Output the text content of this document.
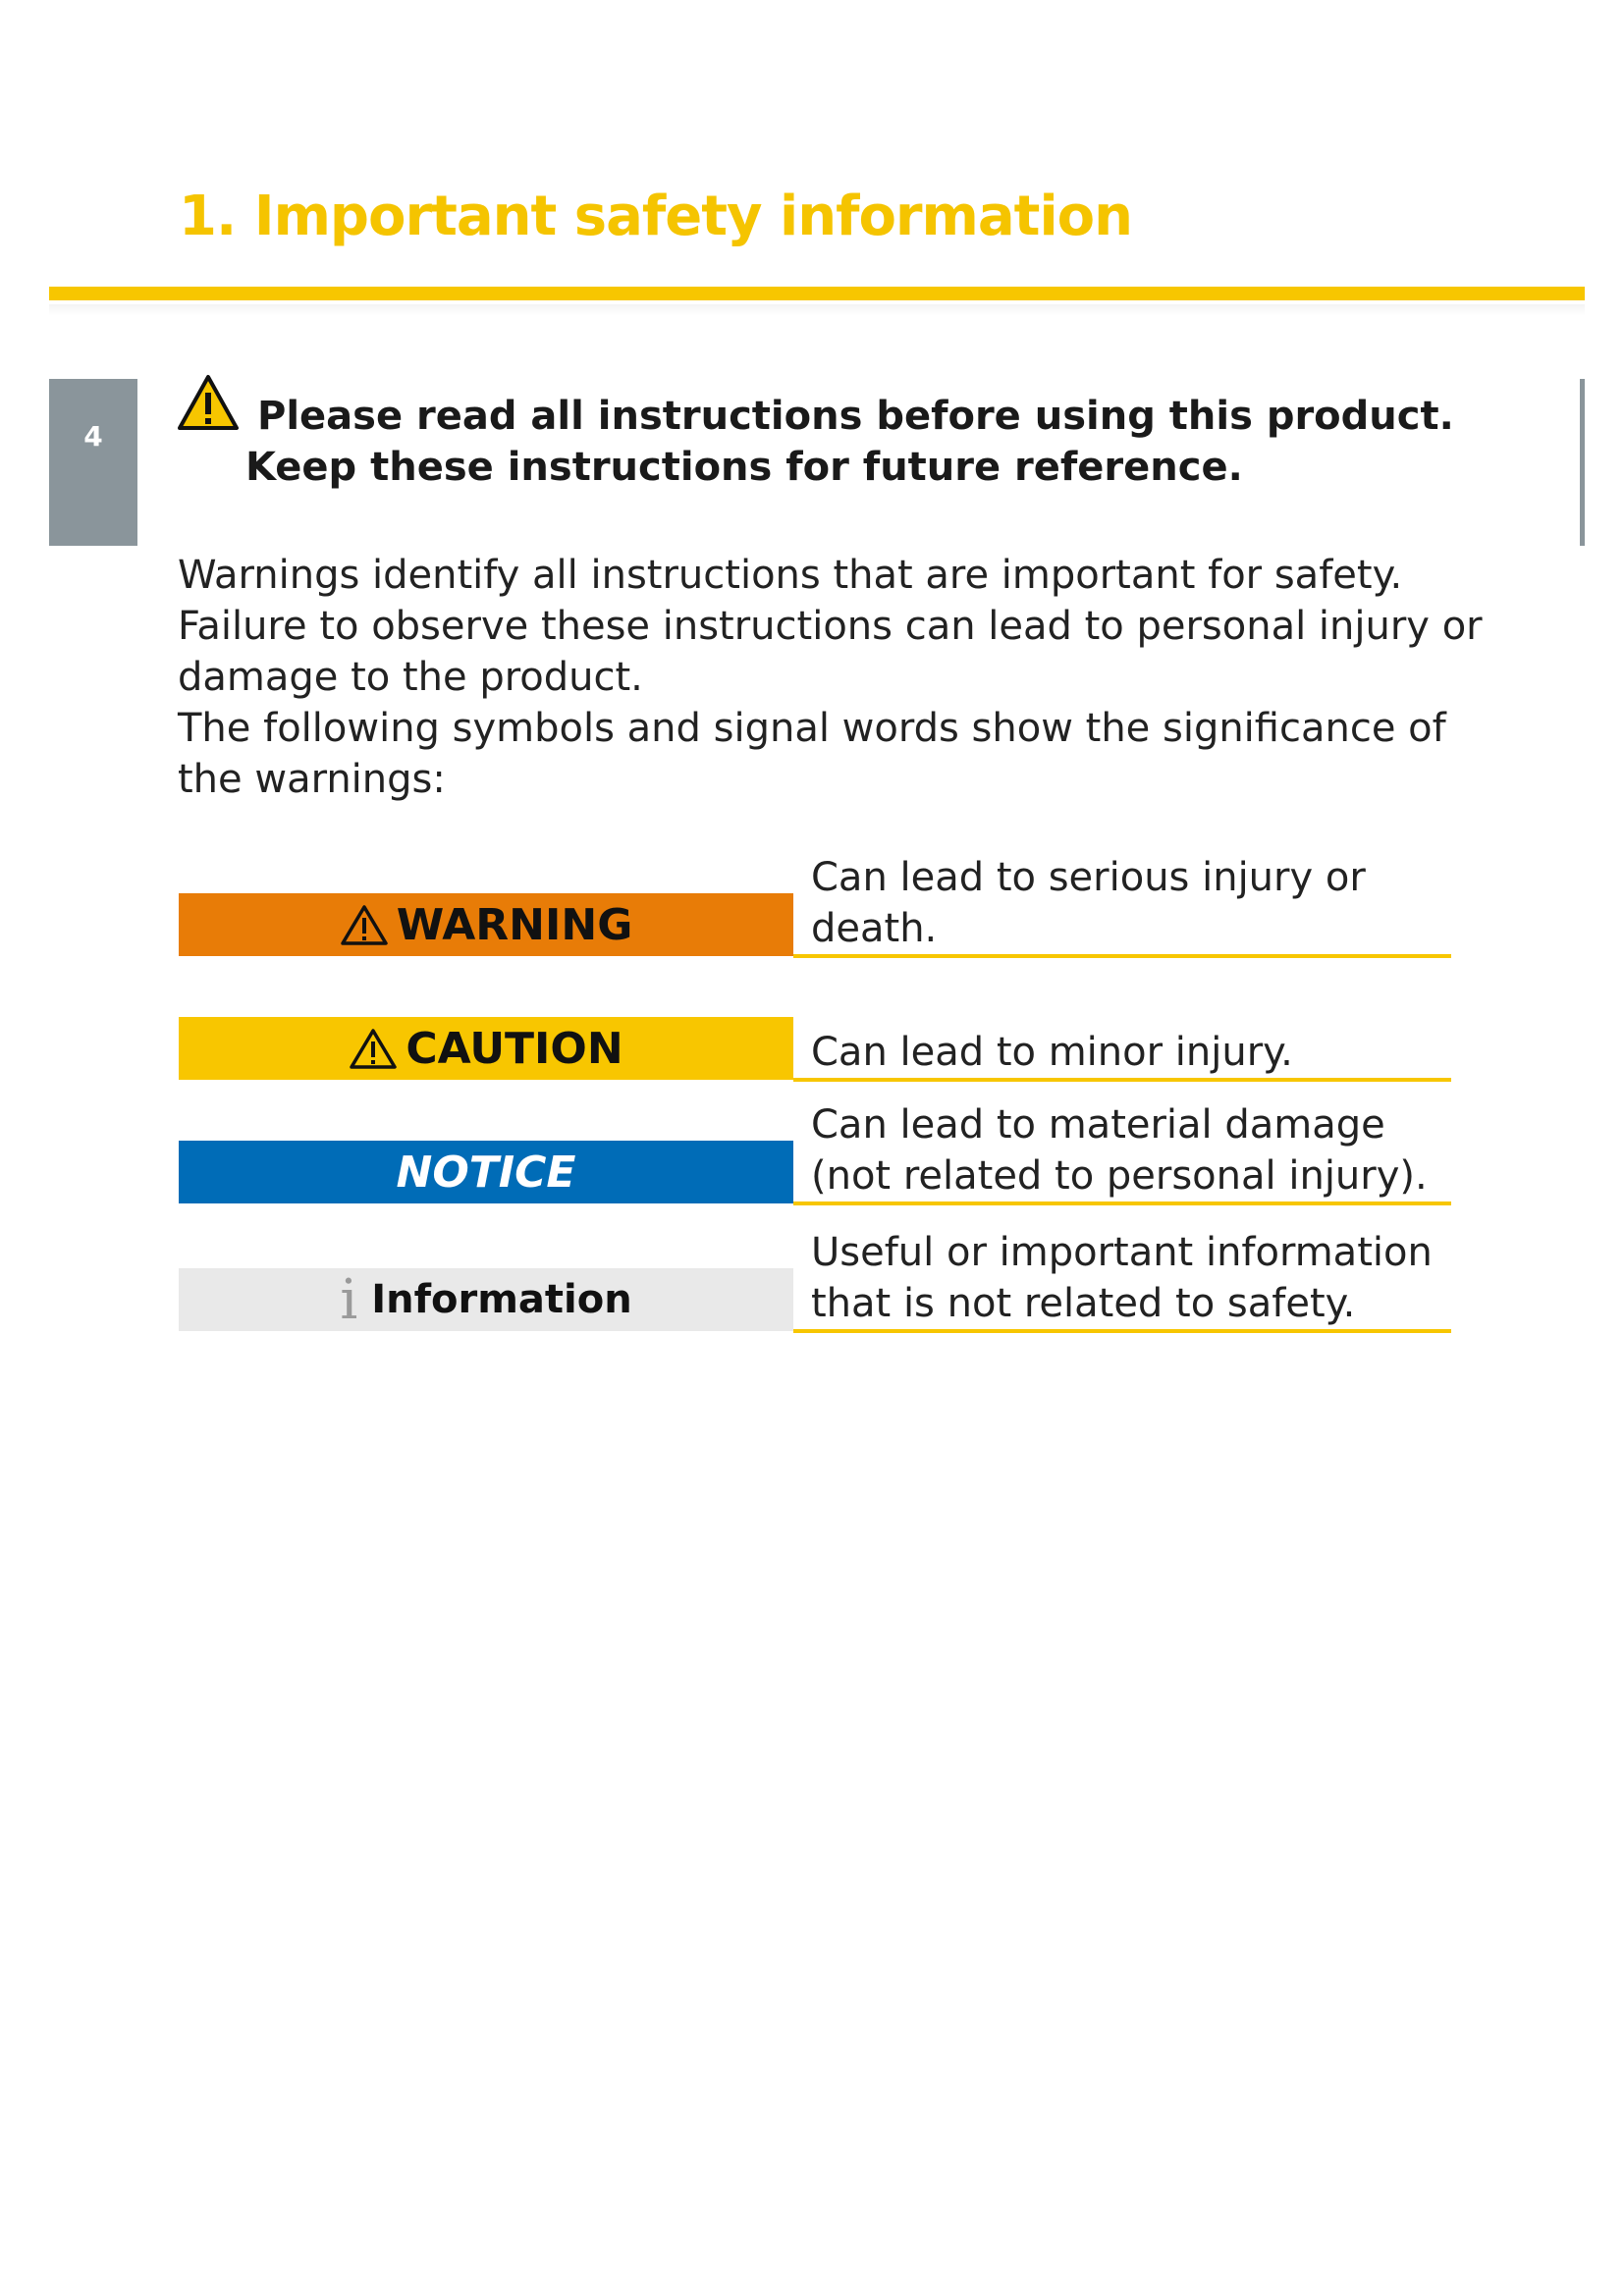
1. Important safety information
4	Please read all instructions before using this product.
Keep these instructions for future reference.

Warnings identify all instructions that are important for safety. Failure to observe these instructions can lead to personal injury or damage to the product.

The following symbols and signal words show the significance of the warnings:

WARNING
Can lead to serious injury or death.
CAUTION	Can lead to minor injury.
NOTICE
Can lead to material damage (not related to personal injury).
i Information
Useful or important information that is not related to safety.
